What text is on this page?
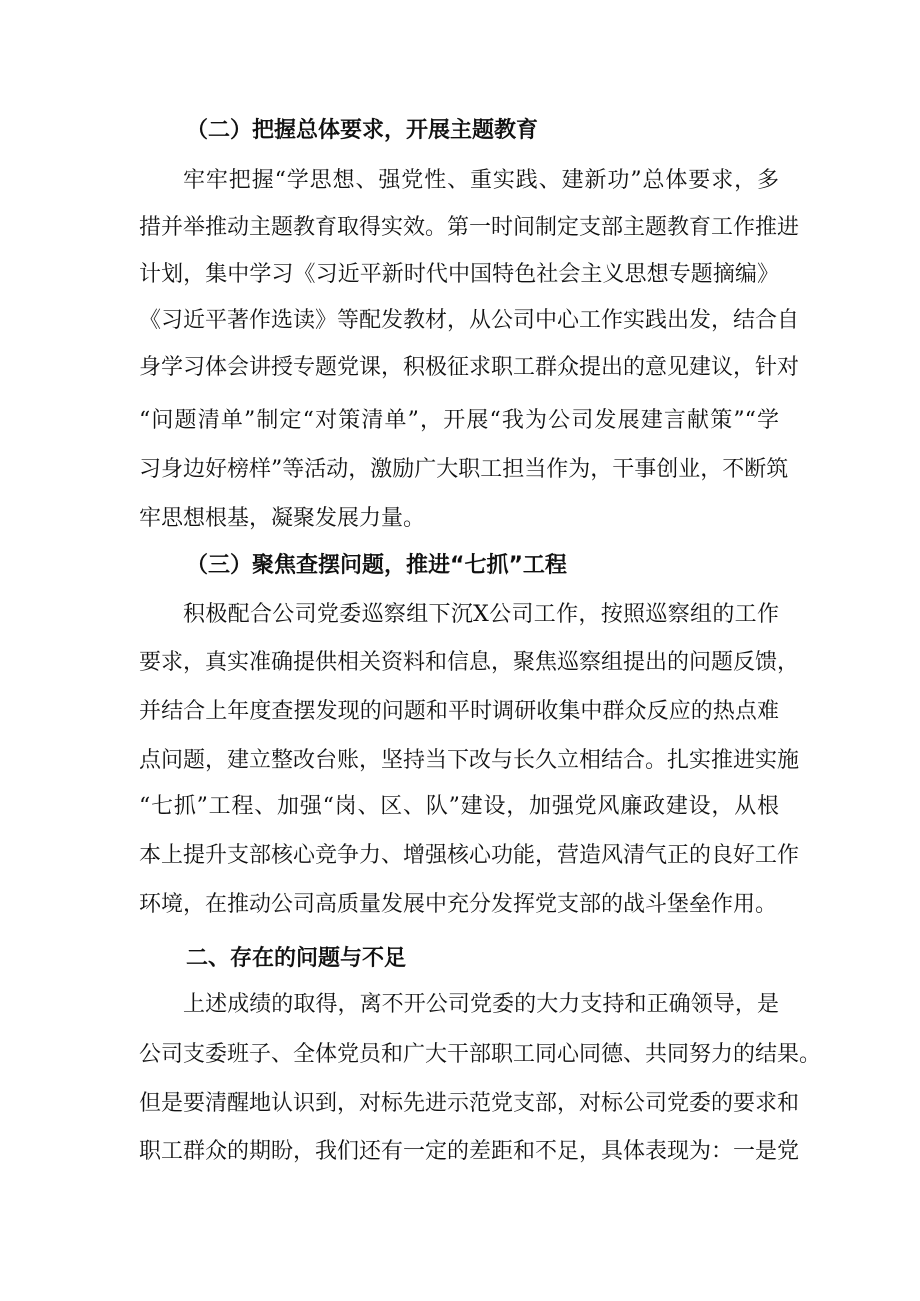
（二）把握总体要求，开展主题教育
牢牢把握“学思想、强党性、重实践、建新功”总体要求，多
措并举推动主题教育取得实效。第一时间制定支部主题教育工作推进
计划，集中学习《习近平新时代中国特色社会主义思想专题摘编》
《习近平著作选读》等配发教材，从公司中心工作实践出发，结合自
身学习体会讲授专题党课，积极征求职工群众提出的意见建议，针对
“问题清单”制定“对策清单”，开展“我为公司发展建言献策”“学
习身边好榜样”等活动，激励广大职工担当作为，干事创业，不断筑
牢思想根基，凝聚发展力量。
（三）聚焦查摆问题，推进“七抓”工程
积极配合公司党委巡察组下沉X公司工作，按照巡察组的工作
要求，真实准确提供相关资料和信息，聚焦巡察组提出的问题反馈，
并结合上年度查摆发现的问题和平时调研收集中群众反应的热点难
点问题，建立整改台账，坚持当下改与长久立相结合。扎实推进实施
“七抓”工程、加强“岗、区、队”建设，加强党风廉政建设，从根
本上提升支部核心竞争力、增强核心功能，营造风清气正的良好工作
环境，在推动公司高质量发展中充分发挥党支部的战斗堡垒作用。
二、存在的问题与不足
上述成绩的取得，离不开公司党委的大力支持和正确领导，是
公司支委班子、全体党员和广大干部职工同心同德、共同努力的结果。
但是要清醒地认识到，对标先进示范党支部，对标公司党委的要求和
职工群众的期盼，我们还有一定的差距和不足，具体表现为：一是党
